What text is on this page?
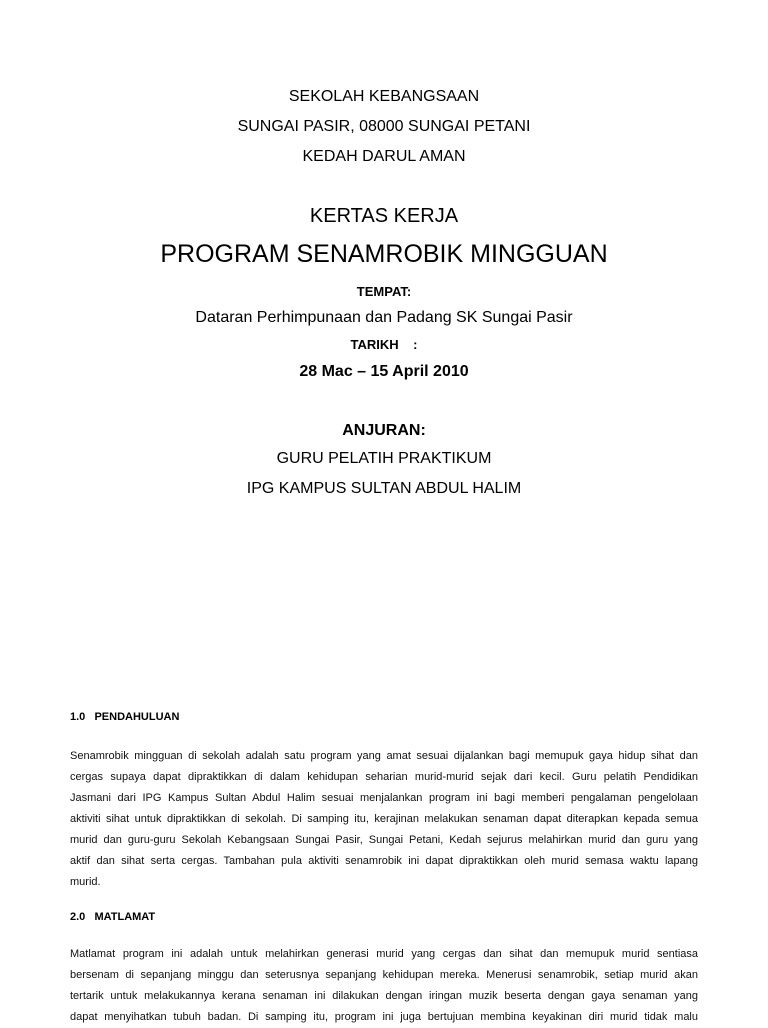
SEKOLAH KEBANGSAAN
SUNGAI PASIR, 08000 SUNGAI PETANI
KEDAH DARUL AMAN
KERTAS KERJA
PROGRAM SENAMROBIK MINGGUAN
TEMPAT:
Dataran Perhimpunaan dan Padang SK Sungai Pasir
TARIKH    :
28 Mac – 15 April 2010
ANJURAN:
GURU PELATIH PRAKTIKUM
IPG KAMPUS SULTAN ABDUL HALIM
1.0   PENDAHULUAN
Senamrobik mingguan di sekolah adalah satu program yang amat sesuai dijalankan bagi memupuk gaya hidup sihat dan
cergas supaya dapat dipraktikkan di dalam kehidupan seharian murid-murid sejak dari kecil. Guru pelatih Pendidikan
Jasmani dari IPG Kampus Sultan Abdul Halim sesuai menjalankan program ini bagi memberi pengalaman pengelolaan
aktiviti sihat untuk dipraktikkan di sekolah. Di samping itu, kerajinan melakukan senaman dapat diterapkan kepada semua
murid dan guru-guru Sekolah Kebangsaan Sungai Pasir, Sungai Petani, Kedah sejurus melahirkan murid dan guru yang
aktif dan sihat serta cergas. Tambahan pula aktiviti senamrobik ini dapat dipraktikkan oleh murid semasa waktu lapang
murid.
2.0   MATLAMAT
Matlamat program ini adalah untuk melahirkan generasi murid yang cergas dan sihat dan memupuk murid sentiasa
bersenam di sepanjang minggu dan seterusnya sepanjang kehidupan mereka. Menerusi senamrobik, setiap murid akan
tertarik untuk melakukannya kerana senaman ini dilakukan dengan iringan muzik beserta dengan gaya senaman yang
dapat menyihatkan tubuh badan. Di samping itu, program ini juga bertujuan membina keyakinan diri murid tidak malu
